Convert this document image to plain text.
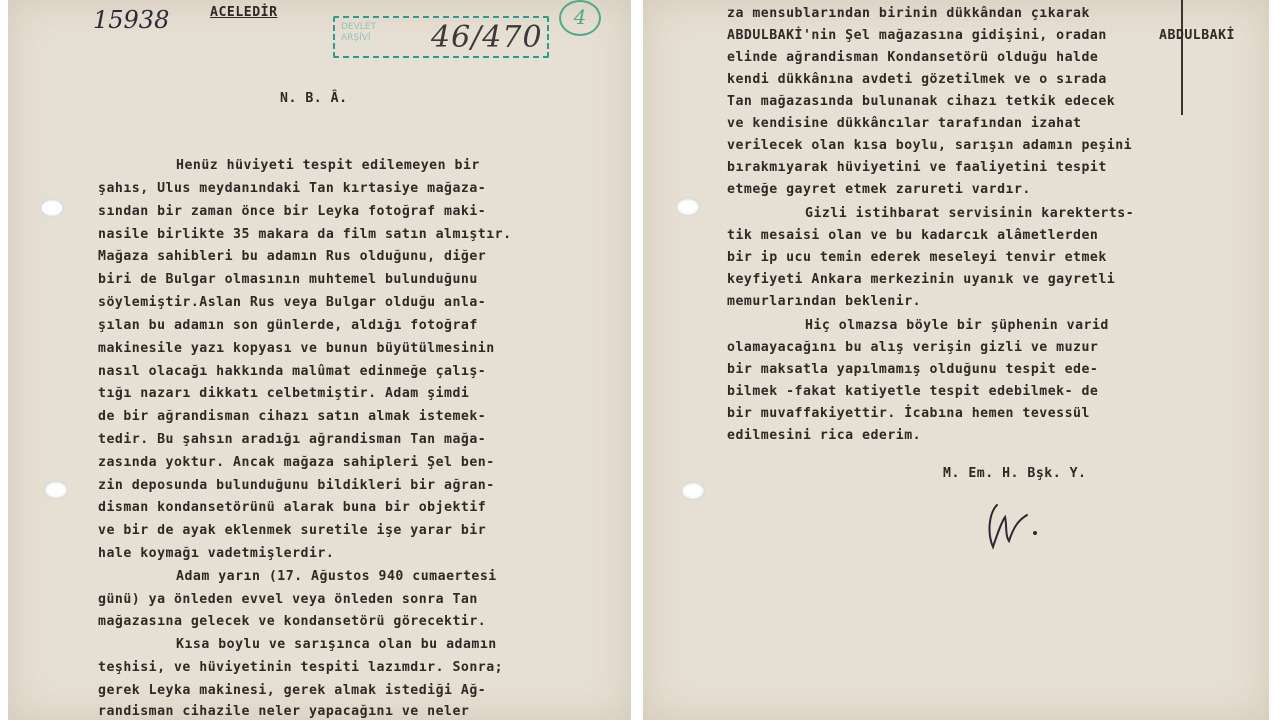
15938	ACELEDİR
DEVLET
ARŞİVİ 46/470
4
N. B. Â.
Henüz hüviyeti tespit edilemeyen bir
şahıs, Ulus meydanındaki Tan kırtasiye mağaza-
sından bir zaman önce bir Leyka fotoğraf maki-
nasile birlikte 35 makara da film satın almıştır.
Mağaza sahibleri bu adamın Rus olduğunu, diğer
biri de Bulgar olmasının muhtemel bulunduğunu
söylemiştir.Aslan Rus veya Bulgar olduğu anla-
şılan bu adamın son günlerde, aldığı fotoğraf
makinesile yazı kopyası ve bunun büyütülmesinin
nasıl olacağı hakkında malûmat edinmeğe çalış-
tığı nazarı dikkatı celbetmiştir. Adam şimdi
de bir ağrandisman cihazı satın almak istemek-
tedir. Bu şahsın aradığı ağrandisman Tan mağa-
zasında yoktur. Ancak mağaza sahipleri Şel ben-
zin deposunda bulunduğunu bildikleri bir ağran-
disman kondansetörünü alarak buna bir objektif
ve bir de ayak eklenmek suretile işe yarar bir
hale koymağı vadetmişlerdir.
Adam yarın (17. Ağustos 940 cumaertesi
günü) ya önleden evvel veya önleden sonra Tan
mağazasına gelecek ve kondansetörü görecektir.
Kısa boylu ve sarışınca olan bu adamın
teşhisi, ve hüviyetinin tespiti lazımdır. Sonra;
gerek Leyka makinesi, gerek almak istediği Ağ-
randisman cihazile neler yapacağını ve neler
ABDULBAKİ
za mensublarından birinin dükkândan çıkarak
ABDULBAKİ'nin Şel mağazasına gidişini, oradan
elinde ağrandisman Kondansetörü olduğu halde
kendi dükkânına avdeti gözetilmek ve o sırada
Tan mağazasında bulunanak cihazı tetkik edecek
ve kendisine dükkâncılar tarafından izahat
verilecek olan kısa boylu, sarışın adamın peşini
bırakmıyarak hüviyetini ve faaliyetini tespit
etmeğe gayret etmek zarureti vardır.
Gizli istihbarat servisinin karekterts-
tik mesaisi olan ve bu kadarcık alâmetlerden
bir ip ucu temin ederek meseleyi tenvir etmek
keyfiyeti Ankara merkezinin uyanık ve gayretli
memurlarından beklenir.
Hiç olmazsa böyle bir şüphenin varid
olamayacağını bu alış verişin gizli ve muzur
bir maksatla yapılmamış olduğunu tespit ede-
bilmek -fakat katiyetle tespit edebilmek- de
bir muvaffakiyettir. İcabına hemen tevessül
edilmesini rica ederim.
M. Em. H. Bşk. Y.
